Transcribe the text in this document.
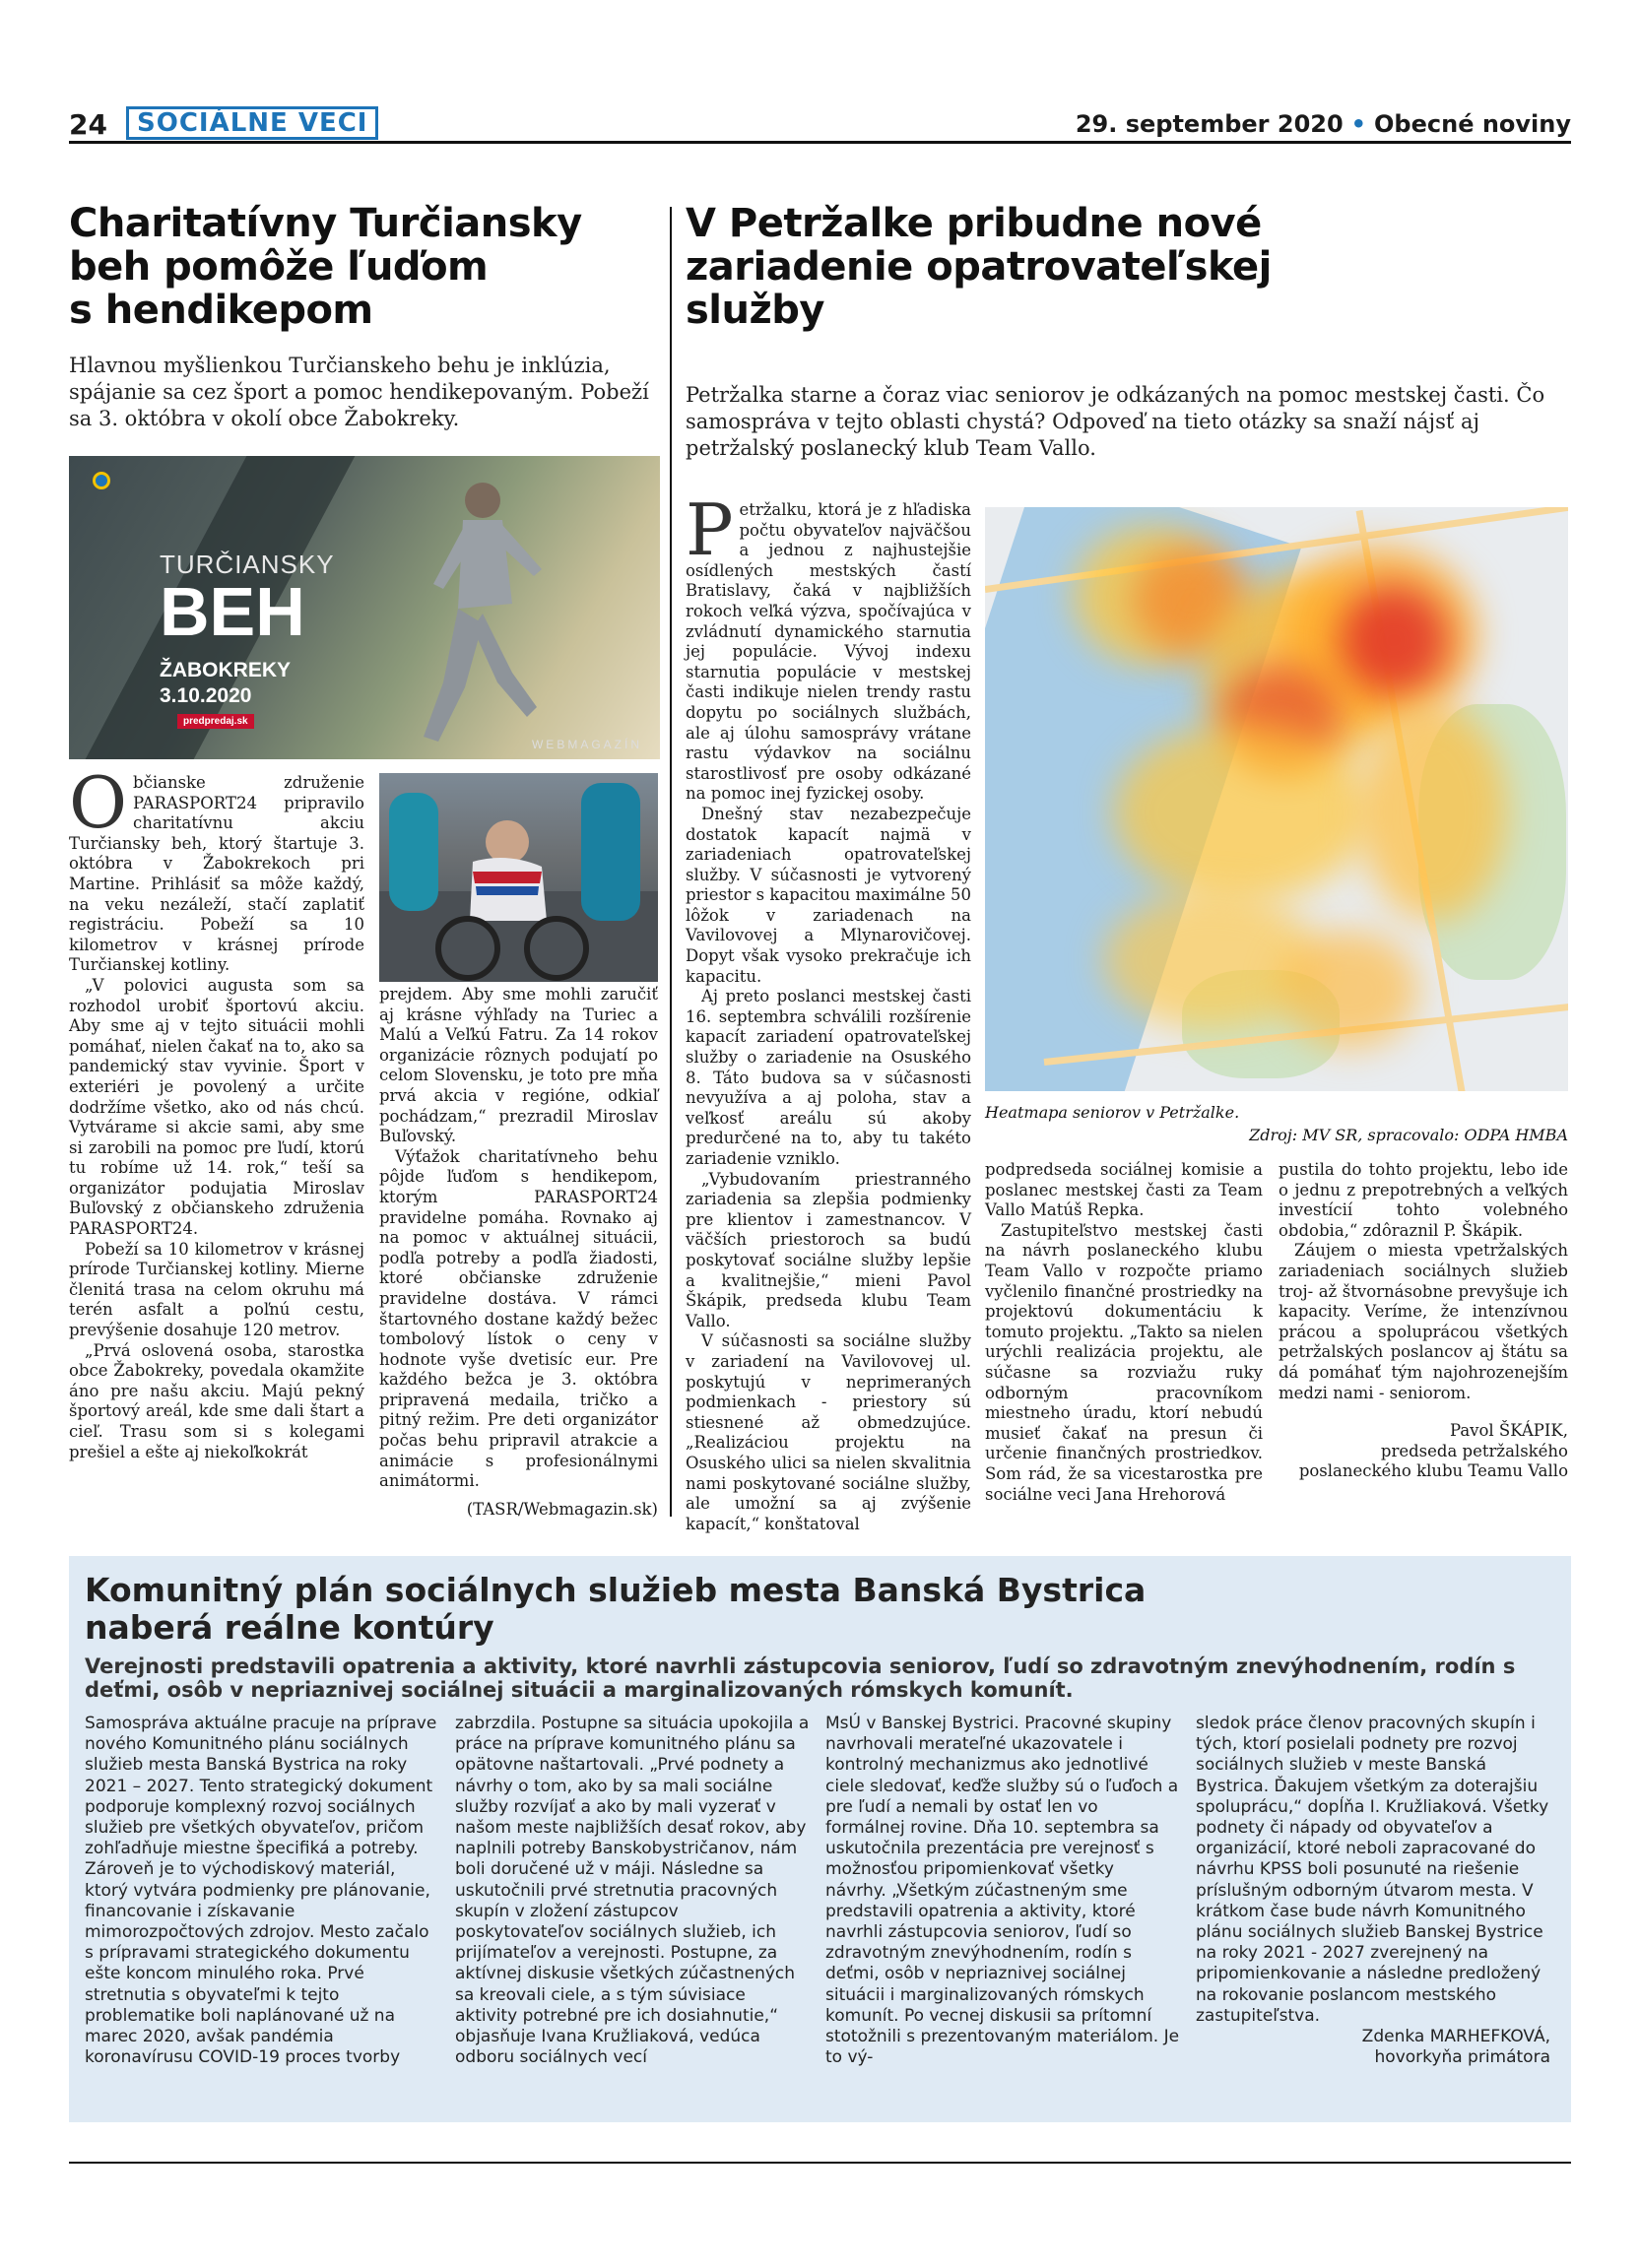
24	SOCIÁLNE VECI	29. september 2020 • Obecné noviny
Charitatívny Turčiansky
beh pomôže ľuďom
s hendikepom
Hlavnou myšlienkou Turčianskeho behu je inklúzia, spájanie sa cez šport a pomoc hendikepovaným. Pobeží sa 3. októbra v okolí obce Žabokreky.
TURČIANSKY
BEH
ŽABOKREKY
3.10.2020
predpredaj.sk
WEBMAGAZÍN

Občianske združenie PARASPORT24 pripravilo charitatívnu akciu Turčiansky beh, ktorý štartuje 3. októbra v Žabokrekoch pri Martine. Prihlásiť sa môže každý, na veku nezáleží, stačí zaplatiť registráciu. Pobeží sa 10 kilometrov v krásnej prírode Turčianskej kotliny.

„V polovici augusta som sa rozhodol urobiť športovú akciu. Aby sme aj v tejto situácii mohli pomáhať, nielen čakať na to, ako sa pandemický stav vyvinie. Šport v exteriéri je povolený a určite dodržíme všetko, ako od nás chcú. Vytvárame si akcie sami, aby sme si zarobili na pomoc pre ľudí, ktorú tu robíme už 14. rok,“ teší sa organizátor podujatia Miroslav Buľovský z občianskeho združenia PARASPORT24.

Pobeží sa 10 kilometrov v krásnej prírode Turčianskej kotliny. Mierne členitá trasa na celom okruhu má terén asfalt a poľnú cestu, prevýšenie dosahuje 120 metrov.

„Prvá oslovená osoba, starostka obce Žabokreky, povedala okamžite áno pre našu akciu. Majú pekný športový areál, kde sme dali štart a cieľ. Trasu som si s kolegami prešiel a ešte aj niekoľkokrát

prejdem. Aby sme mohli zaručiť aj krásne výhľady na Turiec a Malú a Veľkú Fatru. Za 14 rokov organizácie rôznych podujatí po celom Slovensku, je toto pre mňa prvá akcia v regióne, odkiaľ pochádzam,“ prezradil Miroslav Buľovský.

Výťažok charitatívneho behu pôjde ľuďom s hendikepom, ktorým PARASPORT24 pravidelne pomáha. Rovnako aj na pomoc v aktuálnej situácii, podľa potreby a podľa žiadosti, ktoré občianske združenie pravidelne dostáva. V rámci štartovného dostane každý bežec tombolový lístok o ceny v hodnote vyše dvetisíc eur. Pre každého bežca je 3. októbra pripravená medaila, tričko a pitný režim. Pre deti organizátor počas behu pripravil atrakcie a animácie s profesionálnymi animátormi.

(TASR/Webmagazin.sk)
V Petržalke pribudne nové
zariadenie opatrovateľskej
služby
Petržalka starne a čoraz viac seniorov je odkázaných na pomoc mestskej časti. Čo samospráva v tejto oblasti chystá? Odpoveď na tieto otázky sa snaží nájsť aj petržalský poslanecký klub Team Vallo.

Petržalku, ktorá je z hľadiska počtu obyvateľov najväčšou a jednou z najhustejšie osídlených mestských častí Bratislavy, čaká v najbližších rokoch veľká výzva, spočívajúca v zvládnutí dynamického starnutia jej populácie. Vývoj indexu starnutia populácie v mestskej časti indikuje nielen trendy rastu dopytu po sociálnych službách, ale aj úlohu samosprávy vrátane rastu výdavkov na sociálnu starostlivosť pre osoby odkázané na pomoc inej fyzickej osoby.

Dnešný stav nezabezpečuje dostatok kapacít najmä v zariadeniach opatrovateľskej služby. V súčasnosti je vytvorený priestor s kapacitou maximálne 50 lôžok v zariadenach na Vavilovovej a Mlynarovičovej. Dopyt však vysoko prekračuje ich kapacitu.

Aj preto poslanci mestskej časti 16. septembra schválili rozšírenie kapacít zariadení opatrovateľskej služby o zariadenie na Osuského 8. Táto budova sa v súčasnosti nevyužíva a aj poloha, stav a veľkosť areálu sú akoby predurčené na to, aby tu takéto zariadenie vzniklo.

„Vybudovaním priestranného zariadenia sa zlepšia podmienky pre klientov i zamestnancov. V väčších priestoroch sa budú poskytovať sociálne služby lepšie a kvalitnejšie,“ mieni Pavol Škápik, predseda klubu Team Vallo.

V súčasnosti sa sociálne služby v zariadení na Vavilovovej ul. poskytujú v neprimeraných podmienkach - priestory sú stiesnené až obmedzujúce. „Realizáciou projektu na Osuského ulici sa nielen skvalitnia nami poskytované sociálne služby, ale umožní sa aj zvýšenie kapacít,“ konštatoval

Heatmapa seniorov v Petržalke.
Zdroj: MV SR, spracovalo: ODPA HMBA

podpredseda sociálnej komisie a poslanec mestskej časti za Team Vallo Matúš Repka.

Zastupiteľstvo mestskej časti na návrh poslaneckého klubu Team Vallo v rozpočte priamo vyčlenilo finančné prostriedky na projektovú dokumentáciu k tomuto projektu. „Takto sa nielen urýchli realizácia projektu, ale súčasne sa rozviažu ruky odborným pracovníkom miestneho úradu, ktorí nebudú musieť čakať na presun či určenie finančných prostriedkov. Som rád, že sa vicestarostka pre sociálne veci Jana Hrehorová

pustila do tohto projektu, lebo ide o jednu z prepotrebných a veľkých investícií tohto volebného obdobia,“ zdôraznil P. Škápik.

Záujem o miesta vpetržalských zariadeniach sociálnych služieb troj- až štvornásobne prevyšuje ich kapacity. Veríme, že intenzívnou prácou a spoluprácou všetkých petržalských poslancov aj štátu sa dá pomáhať tým najohrozenejším medzi nami - seniorom.

Pavol ŠKÁPIK,

predseda petržalského

poslaneckého klubu Teamu Vallo

Komunitný plán sociálnych služieb mesta Banská Bystrica
naberá reálne kontúry
Verejnosti predstavili opatrenia a aktivity, ktoré navrhli zástupcovia seniorov, ľudí so zdravotným znevýhodnením, rodín s deťmi, osôb v nepriaznivej sociálnej situácii a marginalizovaných rómskych komunít.
Samospráva aktuálne pracuje na príprave nového Komunitného plánu sociálnych služieb mesta Banská Bystrica na roky 2021 – 2027. Tento strategický dokument podporuje komplexný rozvoj sociálnych služieb pre všetkých obyvateľov, pričom zohľadňuje miestne špecifiká a potreby. Zároveň je to východiskový materiál, ktorý vytvára podmienky pre plánovanie, financovanie i získavanie mimorozpočtových zdrojov. Mesto začalo s prípravami strategického dokumentu ešte koncom minulého roka. Prvé stretnutia s obyvateľmi k tejto problematike boli naplánované už na marec 2020, avšak pandémia koronavírusu COVID-19 proces tvorby
zabrzdila. Postupne sa situácia upokojila a práce na príprave komunitného plánu sa opätovne naštartovali. „Prvé podnety a návrhy o tom, ako by sa mali sociálne služby rozvíjať a ako by mali vyzerať v našom meste najbližších desať rokov, aby naplnili potreby Banskobystričanov, nám boli doručené už v máji. Následne sa uskutočnili prvé stretnutia pracovných skupín v zložení zástupcov poskytovateľov sociálnych služieb, ich prijímateľov a verejnosti. Postupne, za aktívnej diskusie všetkých zúčastnených sa kreovali ciele, a s tým súvisiace aktivity potrebné pre ich dosiahnutie,“ objasňuje Ivana Kružliaková, vedúca odboru sociálnych vecí
MsÚ v Banskej Bystrici. Pracovné skupiny navrhovali merateľné ukazovatele i kontrolný mechanizmus ako jednotlivé ciele sledovať, keďže služby sú o ľuďoch a pre ľudí a nemali by ostať len vo formálnej rovine. Dňa 10. septembra sa uskutočnila prezentácia pre verejnosť s možnosťou pripomienkovať všetky návrhy. „Všetkým zúčastneným sme predstavili opatrenia a aktivity, ktoré navrhli zástupcovia seniorov, ľudí so zdravotným znevýhodnením, rodín s deťmi, osôb v nepriaznivej sociálnej situácii i marginalizovaných rómskych komunít. Po vecnej diskusii sa prítomní stotožnili s prezentovaným materiálom. Je to vý-
sledok práce členov pracovných skupín i tých, ktorí posielali podnety pre rozvoj sociálnych služieb v meste Banská Bystrica. Ďakujem všetkým za doterajšiu spoluprácu,“ dopĺňa I. Kružliaková. Všetky podnety či nápady od obyvateľov a organizácií, ktoré neboli zapracované do návrhu KPSS boli posunuté na riešenie príslušným odborným útvarom mesta. V krátkom čase bude návrh Komunitného plánu sociálnych služieb Banskej Bystrice na roky 2021 - 2027 zverejnený na pripomienkovanie a následne predložený na rokovanie poslancom mestského zastupiteľstva.
Zdenka MARHEFKOVÁ,
hovorkyňa primátora
